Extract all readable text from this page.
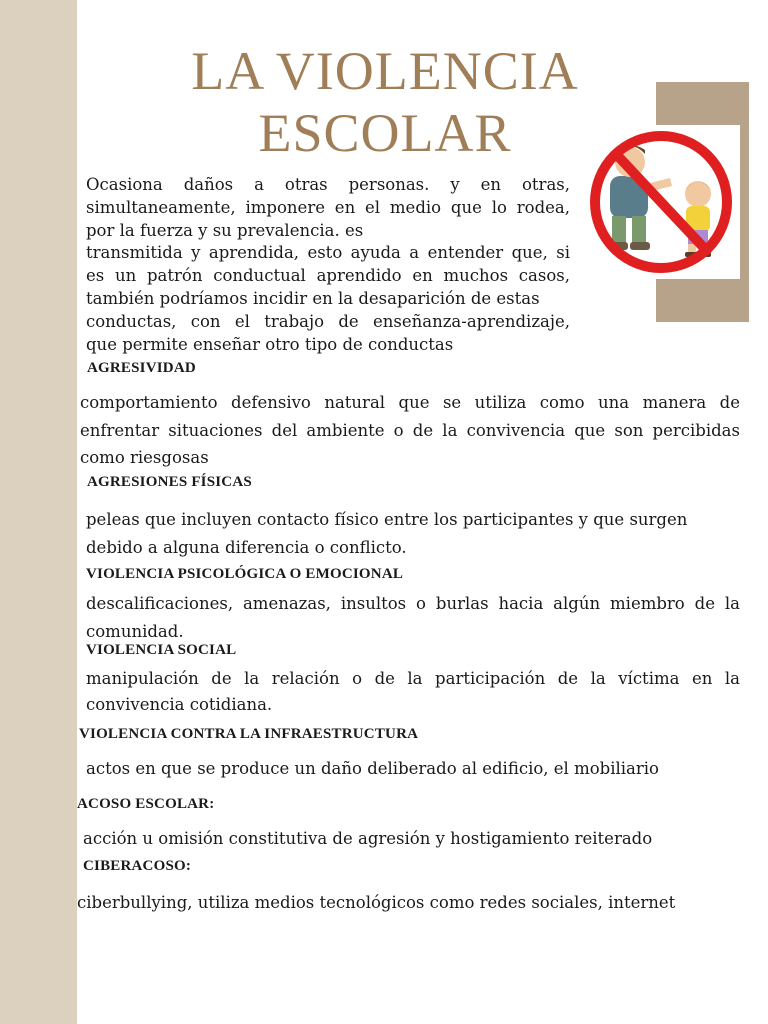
LA VIOLENCIA
ESCOLAR
Ocasiona daños a otras personas. y en otras,
simultaneamente, imponere en el medio que lo rodea,
por la fuerza y su prevalencia. es
transmitida y aprendida, esto ayuda a entender que, si
es un patrón conductual aprendido en muchos casos,
también podríamos incidir en la desaparición de estas
conductas, con el trabajo de enseñanza-aprendizaje,
que permite enseñar otro tipo de conductas
AGRESIVIDAD
comportamiento defensivo natural que se utiliza como una manera de
enfrentar situaciones del ambiente o de la convivencia que son percibidas
como riesgosas
AGRESIONES FÍSICAS
peleas que incluyen contacto físico entre los participantes y que surgen
debido a alguna diferencia o conflicto.
VIOLENCIA PSICOLÓGICA O EMOCIONAL
descalificaciones, amenazas, insultos o burlas hacia algún miembro de la
comunidad.
VIOLENCIA SOCIAL
manipulación de la relación o de la participación de la víctima en la
convivencia cotidiana.
VIOLENCIA CONTRA LA INFRAESTRUCTURA
actos en que se produce un daño deliberado al edificio, el mobiliario
ACOSO ESCOLAR:
acción u omisión constitutiva de agresión y hostigamiento reiterado
CIBERACOSO:
ciberbullying, utiliza medios tecnológicos como redes sociales, internet
